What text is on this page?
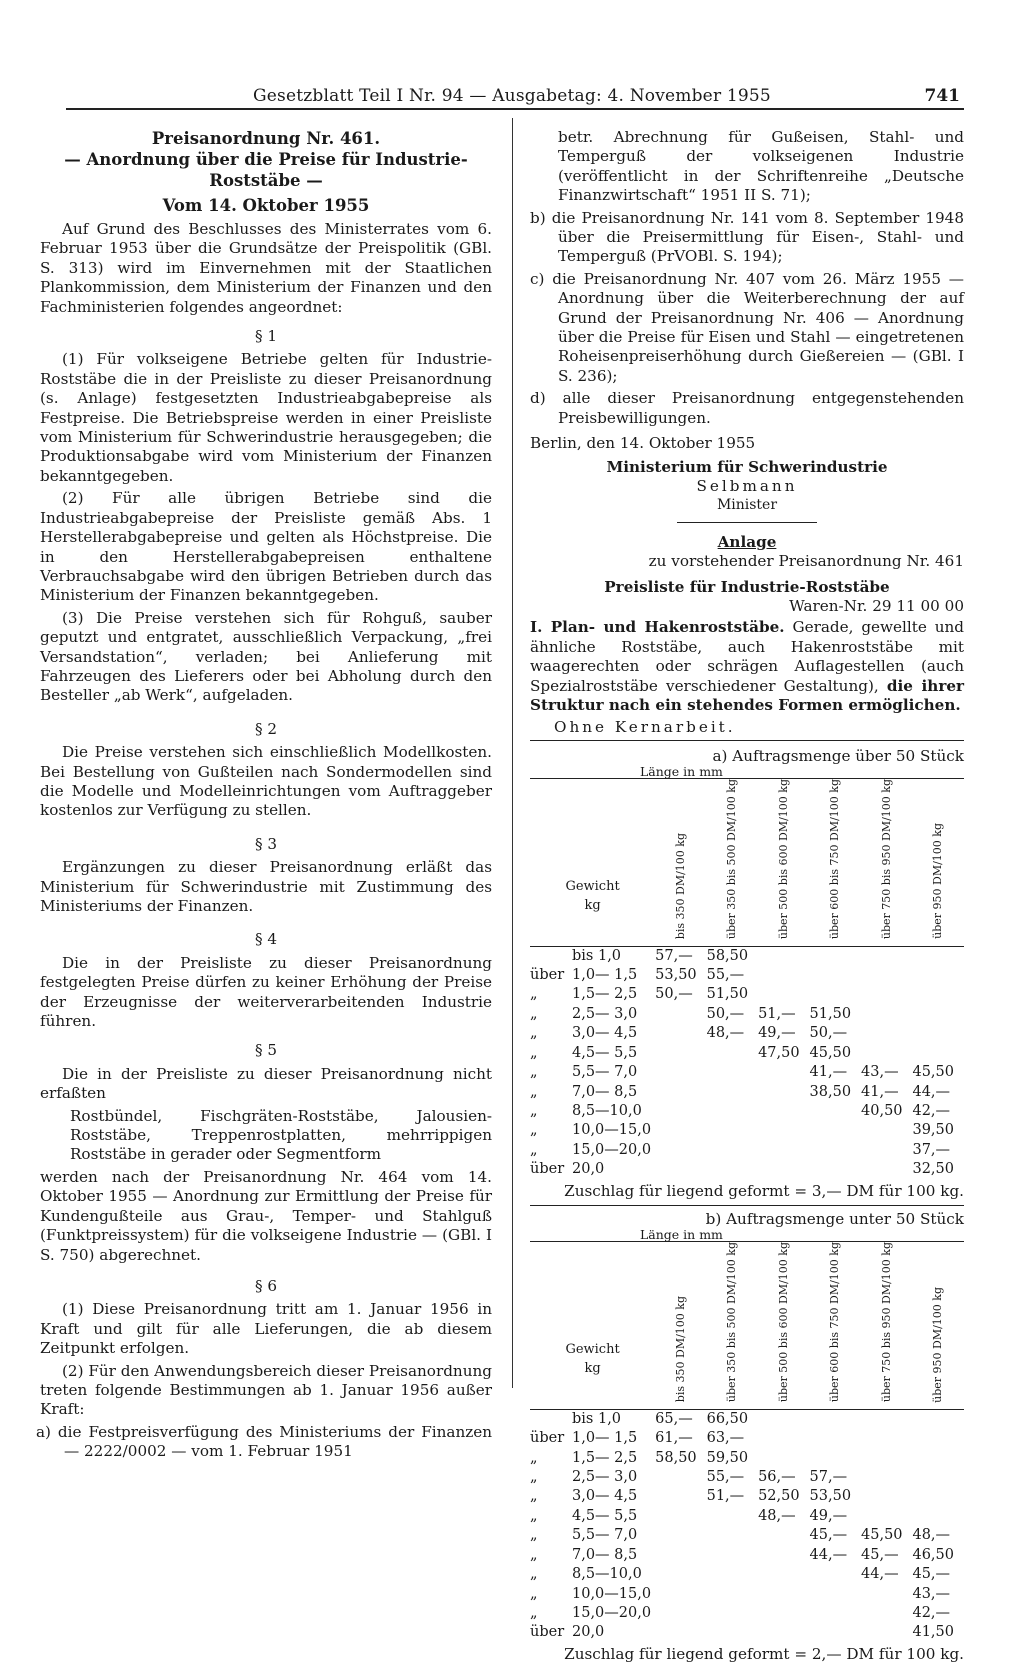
Gesetzblatt Teil I Nr. 94 — Ausgabetag: 4. November 1955	741
Preisanordnung Nr. 461.
— Anordnung über die Preise für Industrie-
Roststäbe —
Vom 14. Oktober 1955

Auf Grund des Beschlusses des Ministerrates vom 6. Februar 1953 über die Grundsätze der Preispolitik (GBl. S. 313) wird im Einvernehmen mit der Staatlichen Plankommission, dem Ministerium der Finanzen und den Fachministerien folgendes angeordnet:

§ 1

(1) Für volkseigene Betriebe gelten für Industrie-Roststäbe die in der Preisliste zu dieser Preisanordnung (s. Anlage) festgesetzten Industrieabgabepreise als Festpreise. Die Betriebspreise werden in einer Preisliste vom Ministerium für Schwerindustrie herausgegeben; die Produktionsabgabe wird vom Ministerium der Finanzen bekanntgegeben.

(2) Für alle übrigen Betriebe sind die Industrieabgabepreise der Preisliste gemäß Abs. 1 Herstellerabgabepreise und gelten als Höchstpreise. Die in den Herstellerabgabepreisen enthaltene Verbrauchsabgabe wird den übrigen Betrieben durch das Ministerium der Finanzen bekanntgegeben.

(3) Die Preise verstehen sich für Rohguß, sauber geputzt und entgratet, ausschließlich Verpackung, „frei Versandstation“, verladen; bei Anlieferung mit Fahrzeugen des Lieferers oder bei Abholung durch den Besteller „ab Werk“, aufgeladen.

§ 2

Die Preise verstehen sich einschließlich Modellkosten. Bei Bestellung von Gußteilen nach Sondermodellen sind die Modelle und Modelleinrichtungen vom Auftraggeber kostenlos zur Verfügung zu stellen.

§ 3

Ergänzungen zu dieser Preisanordnung erläßt das Ministerium für Schwerindustrie mit Zustimmung des Ministeriums der Finanzen.

§ 4

Die in der Preisliste zu dieser Preisanordnung festgelegten Preise dürfen zu keiner Erhöhung der Preise der Erzeugnisse der weiterverarbeitenden Industrie führen.

§ 5

Die in der Preisliste zu dieser Preisanordnung nicht erfaßten

Rostbündel, Fischgräten-Roststäbe, Jalousien-Roststäbe, Treppenrostplatten, mehrrippigen Roststäbe in gerader oder Segmentform

werden nach der Preisanordnung Nr. 464 vom 14. Oktober 1955 — Anordnung zur Ermittlung der Preise für Kundengußteile aus Grau-, Temper- und Stahlguß (Funktpreissystem) für die volkseigene Industrie — (GBl. I S. 750) abgerechnet.

§ 6

(1) Diese Preisanordnung tritt am 1. Januar 1956 in Kraft und gilt für alle Lieferungen, die ab diesem Zeitpunkt erfolgen.

(2) Für den Anwendungsbereich dieser Preisanordnung treten folgende Bestimmungen ab 1. Januar 1956 außer Kraft:

a) die Festpreisverfügung des Ministeriums der Finanzen — 2222/0002 — vom 1. Februar 1951

betr. Abrechnung für Gußeisen, Stahl- und Temperguß der volkseigenen Industrie (veröffentlicht in der Schriftenreihe „Deutsche Finanzwirtschaft“ 1951 II S. 71);

b) die Preisanordnung Nr. 141 vom 8. September 1948 über die Preisermittlung für Eisen-, Stahl- und Temperguß (PrVOBl. S. 194);

c) die Preisanordnung Nr. 407 vom 26. März 1955 — Anordnung über die Weiterberechnung der auf Grund der Preisanordnung Nr. 406 — Anordnung über die Preise für Eisen und Stahl — eingetretenen Roheisenpreiserhöhung durch Gießereien — (GBl. I S. 236);

d) alle dieser Preisanordnung entgegenstehenden Preisbewilligungen.

Berlin, den 14. Oktober 1955

Ministerium für Schwerindustrie
Selbmann
Minister
Anlage
zu vorstehender Preisanordnung Nr. 461
Preisliste für Industrie-Roststäbe
Waren-Nr. 29 11 00 00

I. Plan- und Hakenroststäbe. Gerade, gewellte und ähnliche Roststäbe, auch Hakenroststäbe mit waagerechten oder schrägen Auflagestellen (auch Spezialroststäbe verschiedener Gestaltung), die ihrer Struktur nach ein stehendes Formen ermöglichen.

Ohne Kernarbeit.
a) Auftragsmenge über 50 Stück
Länge in mm
Gewicht
kg	bis 350 DM/100 kg	über 350 bis 500 DM/100 kg	über 500 bis 600 DM/100 kg	über 600 bis 750 DM/100 kg	über 750 bis 950 DM/100 kg	über 950 DM/100 kg
bis 1,0	57,—	58,50				
über 1,0— 1,5	53,50	55,—				
„ 1,5— 2,5	50,—	51,50				
„ 2,5— 3,0		50,—	51,—	51,50		
„ 3,0— 4,5		48,—	49,—	50,—		
„ 4,5— 5,5			47,50	45,50		
„ 5,5— 7,0				41,—	43,—	45,50
„ 7,0— 8,5				38,50	41,—	44,—
„ 8,5—10,0					40,50	42,—
„ 10,0—15,0						39,50
„ 15,0—20,0						37,—
über 20,0						32,50
Zuschlag für liegend geformt = 3,— DM für 100 kg.
b) Auftragsmenge unter 50 Stück
Länge in mm
Gewicht
kg	bis 350 DM/100 kg	über 350 bis 500 DM/100 kg	über 500 bis 600 DM/100 kg	über 600 bis 750 DM/100 kg	über 750 bis 950 DM/100 kg	über 950 DM/100 kg
bis 1,0	65,—	66,50				
über 1,0— 1,5	61,—	63,—				
„ 1,5— 2,5	58,50	59,50				
„ 2,5— 3,0		55,—	56,—	57,—		
„ 3,0— 4,5		51,—	52,50	53,50		
„ 4,5— 5,5			48,—	49,—		
„ 5,5— 7,0				45,—	45,50	48,—
„ 7,0— 8,5				44,—	45,—	46,50
„ 8,5—10,0					44,—	45,—
„ 10,0—15,0						43,—
„ 15,0—20,0						42,—
über 20,0						41,50
Zuschlag für liegend geformt = 2,— DM für 100 kg.
